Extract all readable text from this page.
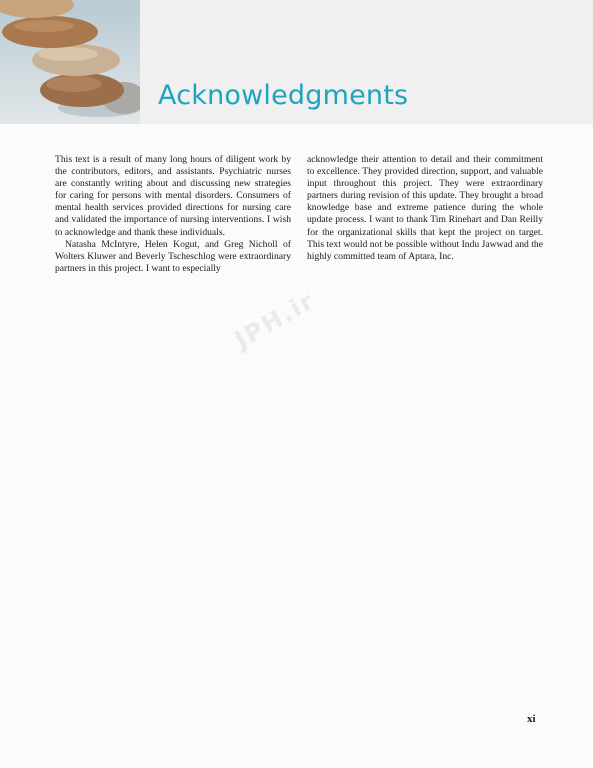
Acknowledgments

This text is a result of many long hours of diligent work by the contributors, editors, and assistants. Psychiatric nurses are constantly writing about and discussing new strategies for caring for persons with mental disorders. Consumers of mental health services provided directions for nursing care and validated the importance of nursing interventions. I wish to acknowledge and thank these individuals.

Natasha McIntyre, Helen Kogut, and Greg Nicholl of Wolters Kluwer and Beverly Tscheschlog were extraordinary partners in this project. I want to especially

acknowledge their attention to detail and their commitment to excellence. They provided direction, support, and valuable input throughout this project. They were extraordinary partners during revision of this update. They brought a broad knowledge base and extreme patience during the whole update process. I want to thank Tim Rinehart and Dan Reilly for the organizational skills that kept the project on target. This text would not be possible without Indu Jawwad and the highly committed team of Aptara, Inc.

JPH.ir
xi
